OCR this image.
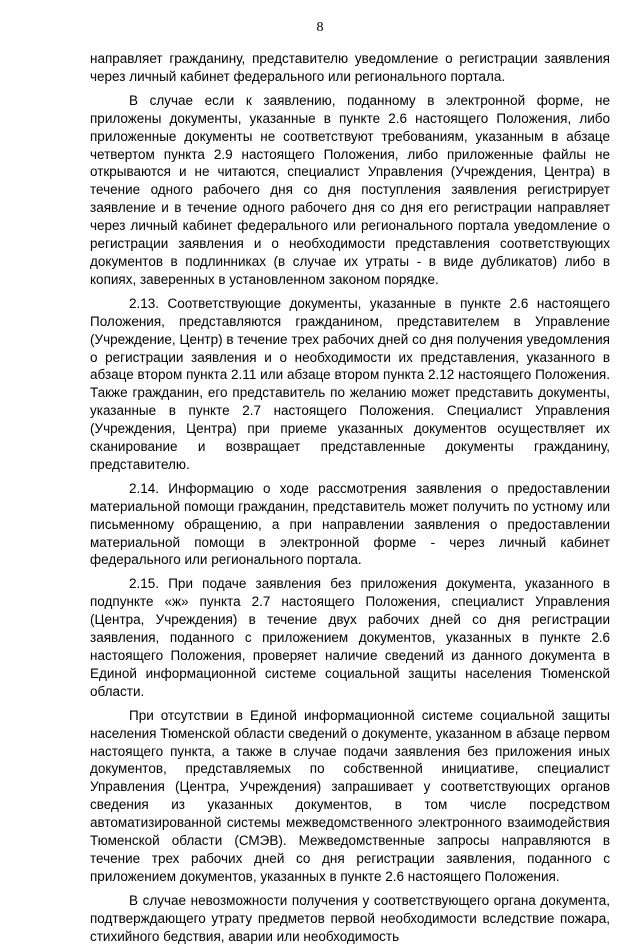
8

направляет гражданину, представителю уведомление о регистрации заявления через личный кабинет федерального или регионального портала.

В случае если к заявлению, поданному в электронной форме, не приложены документы, указанные в пункте 2.6 настоящего Положения, либо приложенные документы не соответствуют требованиям, указанным в абзаце четвертом пункта 2.9 настоящего Положения, либо приложенные файлы не открываются и не читаются, специалист Управления (Учреждения, Центра) в течение одного рабочего дня со дня поступления заявления регистрирует заявление и в течение одного рабочего дня со дня его регистрации направляет через личный кабинет федерального или регионального портала уведомление о регистрации заявления и о необходимости представления соответствующих документов в подлинниках (в случае их утраты - в виде дубликатов) либо в копиях, заверенных в установленном законом порядке.

2.13. Соответствующие документы, указанные в пункте 2.6 настоящего Положения, представляются гражданином, представителем в Управление (Учреждение, Центр) в течение трех рабочих дней со дня получения уведомления о регистрации заявления и о необходимости их представления, указанного в абзаце втором пункта 2.11 или абзаце втором пункта 2.12 настоящего Положения. Также гражданин, его представитель по желанию может представить документы, указанные в пункте 2.7 настоящего Положения. Специалист Управления (Учреждения, Центра) при приеме указанных документов осуществляет их сканирование и возвращает представленные документы гражданину, представителю.

2.14. Информацию о ходе рассмотрения заявления о предоставлении материальной помощи гражданин, представитель может получить по устному или письменному обращению, а при направлении заявления о предоставлении материальной помощи в электронной форме - через личный кабинет федерального или регионального портала.

2.15. При подаче заявления без приложения документа, указанного в подпункте «ж» пункта 2.7 настоящего Положения, специалист Управления (Центра, Учреждения) в течение двух рабочих дней со дня регистрации заявления, поданного с приложением документов, указанных в пункте 2.6 настоящего Положения, проверяет наличие сведений из данного документа в Единой информационной системе социальной защиты населения Тюменской области.

При отсутствии в Единой информационной системе социальной защиты населения Тюменской области сведений о документе, указанном в абзаце первом настоящего пункта, а также в случае подачи заявления без приложения иных документов, представляемых по собственной инициативе, специалист Управления (Центра, Учреждения) запрашивает у соответствующих органов сведения из указанных документов, в том числе посредством автоматизированной системы межведомственного электронного взаимодействия Тюменской области (СМЭВ). Межведомственные запросы направляются в течение трех рабочих дней со дня регистрации заявления, поданного с приложением документов, указанных в пункте 2.6 настоящего Положения.

В случае невозможности получения у соответствующего органа документа, подтверждающего утрату предметов первой необходимости вследствие пожара, стихийного бедствия, аварии или необходимость
